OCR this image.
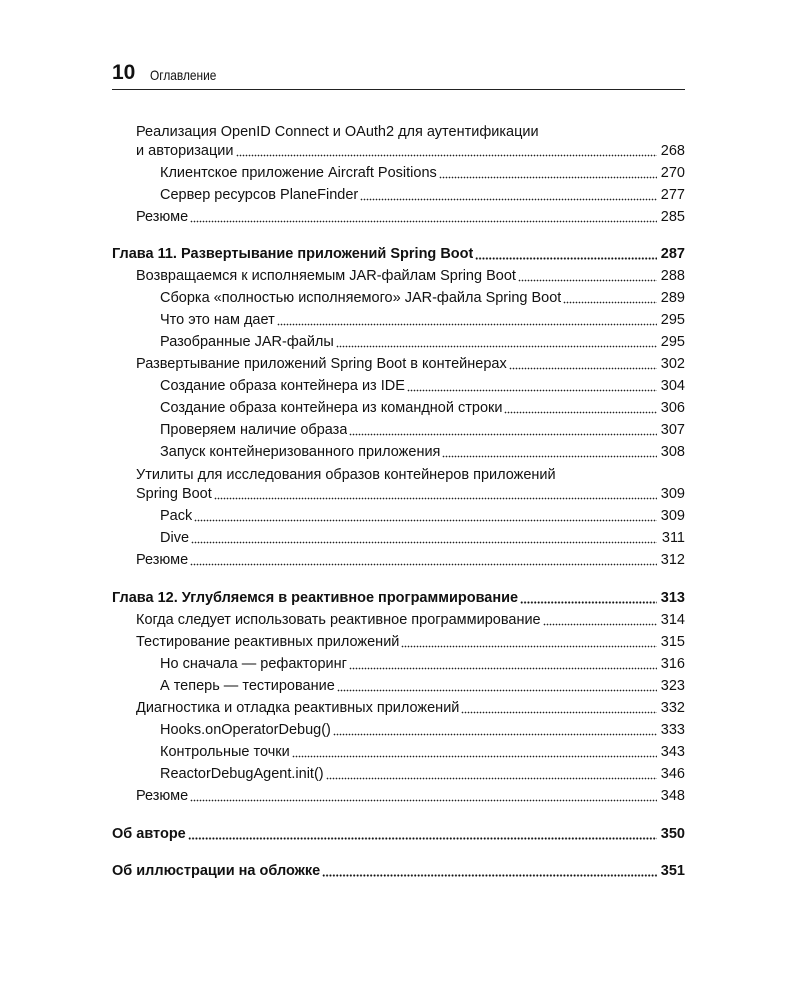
10 Оглавление
Реализация OpenID Connect и OAuth2 для аутентификации
и авторизации	268
Клиентское приложение Aircraft Positions	270
Сервер ресурсов PlaneFinder	277
Резюме	285
Глава 11. Развертывание приложений Spring Boot	287
Возвращаемся к исполняемым JAR-файлам Spring Boot	288
Сборка «полностью исполняемого» JAR-файла Spring Boot	289
Что это нам дает	295
Разобранные JAR-файлы	295
Развертывание приложений Spring Boot в контейнерах	302
Создание образа контейнера из IDE	304
Создание образа контейнера из командной строки	306
Проверяем наличие образа	307
Запуск контейнеризованного приложения	308
Утилиты для исследования образов контейнеров приложений
Spring Boot	309
Pack	309
Dive	311
Резюме	312
Глава 12. Углубляемся в реактивное программирование	313
Когда следует использовать реактивное программирование	314
Тестирование реактивных приложений	315
Но сначала — рефакторинг	316
А теперь — тестирование	323
Диагностика и отладка реактивных приложений	332
Hooks.onOperatorDebug()	333
Контрольные точки	343
ReactorDebugAgent.init()	346
Резюме	348
Об авторе	350
Об иллюстрации на обложке	351
